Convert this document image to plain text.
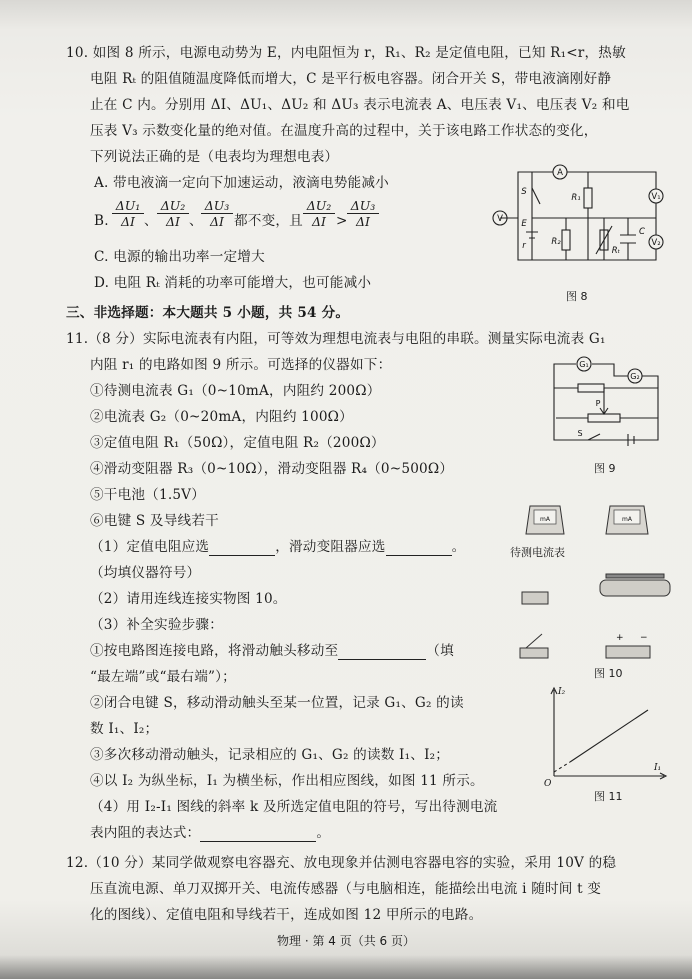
10. 如图 8 所示，电源电动势为 E，内电阻恒为 r，R₁、R₂ 是定值电阻，已知 R₁<r，热敏
电阻 Rₜ 的阻值随温度降低而增大，C 是平行板电容器。闭合开关 S，带电液滴刚好静
止在 C 内。分别用 ΔI、ΔU₁、ΔU₂ 和 ΔU₃ 表示电流表 A、电压表 V₁、电压表 V₂ 和电
压表 V₃ 示数变化量的绝对值。在温度升高的过程中，关于该电路工作状态的变化，
下列说法正确的是（电表均为理想电表）
A. 带电液滴一定向下加速运动，液滴电势能减小
B. $\frac{\text{ΔU₁}}{\Delta I}$ 、 $\frac{\text{ΔU₂}}{\Delta I}$ 、
$\frac{\text{ΔU₃}}{\Delta I}$ 都不变，且 $\frac{\text{ΔU₂}}{\Delta I} > \frac{\text{ΔU₃}}{\Delta I}$
C. 电源的输出功率一定增大
D. 电阻 Rₜ 消耗的功率可能增大，也可能减小
A
V₁
V₂
V
S
E
r
R₁
R₂
Rₜ
C
图 8
三、非选择题：本大题共 5 小题，共 54 分。
11.（8 分）实际电流表有内阻，可等效为理想电流表与电阻的串联。测量实际电流表 G₁
内阻 r₁ 的电路如图 9 所示。可选择的仪器如下：
①待测电流表 G₁（0~10mA，内阻约 200Ω）
②电流表 G₂（0~20mA，内阻约 100Ω）
③定值电阻 R₁（50Ω），定值电阻 R₂（200Ω）
④滑动变阻器 R₃（0~10Ω），滑动变阻器 R₄（0~500Ω）
⑤干电池（1.5V）
⑥电键 S 及导线若干
（1）定值电阻应选	，滑动变阻器应选	。
（均填仪器符号）
（2）请用连线连接实物图 10。
（3）补全实验步骤：
①按电路图连接电路，将滑动触头移动至	（填
“最左端”或“最右端”）；
②闭合电键 S，移动滑动触头至某一位置，记录 G₁、G₂ 的读
数 I₁、I₂；
③多次移动滑动触头，记录相应的 G₁、G₂ 的读数 I₁、I₂；
④以 I₂ 为纵坐标，I₁ 为横坐标，作出相应图线，如图 11 所示。
（4）用 I₂-I₁ 图线的斜率 k 及所选定值电阻的符号，写出待测电流
表内阻的表达式：	。
G₁
G₂
P
S
图 9
mA	mA
待测电流表
+ −
图 10
I₂
I₁
O
图 11
12.（10 分）某同学做观察电容器充、放电现象并估测电容器电容的实验，采用 10V 的稳
压直流电源、单刀双掷开关、电流传感器（与电脑相连，能描绘出电流 i 随时间 t 变
化的图线）、定值电阻和导线若干，连成如图 12 甲所示的电路。
物理 · 第 4 页（共 6 页）
